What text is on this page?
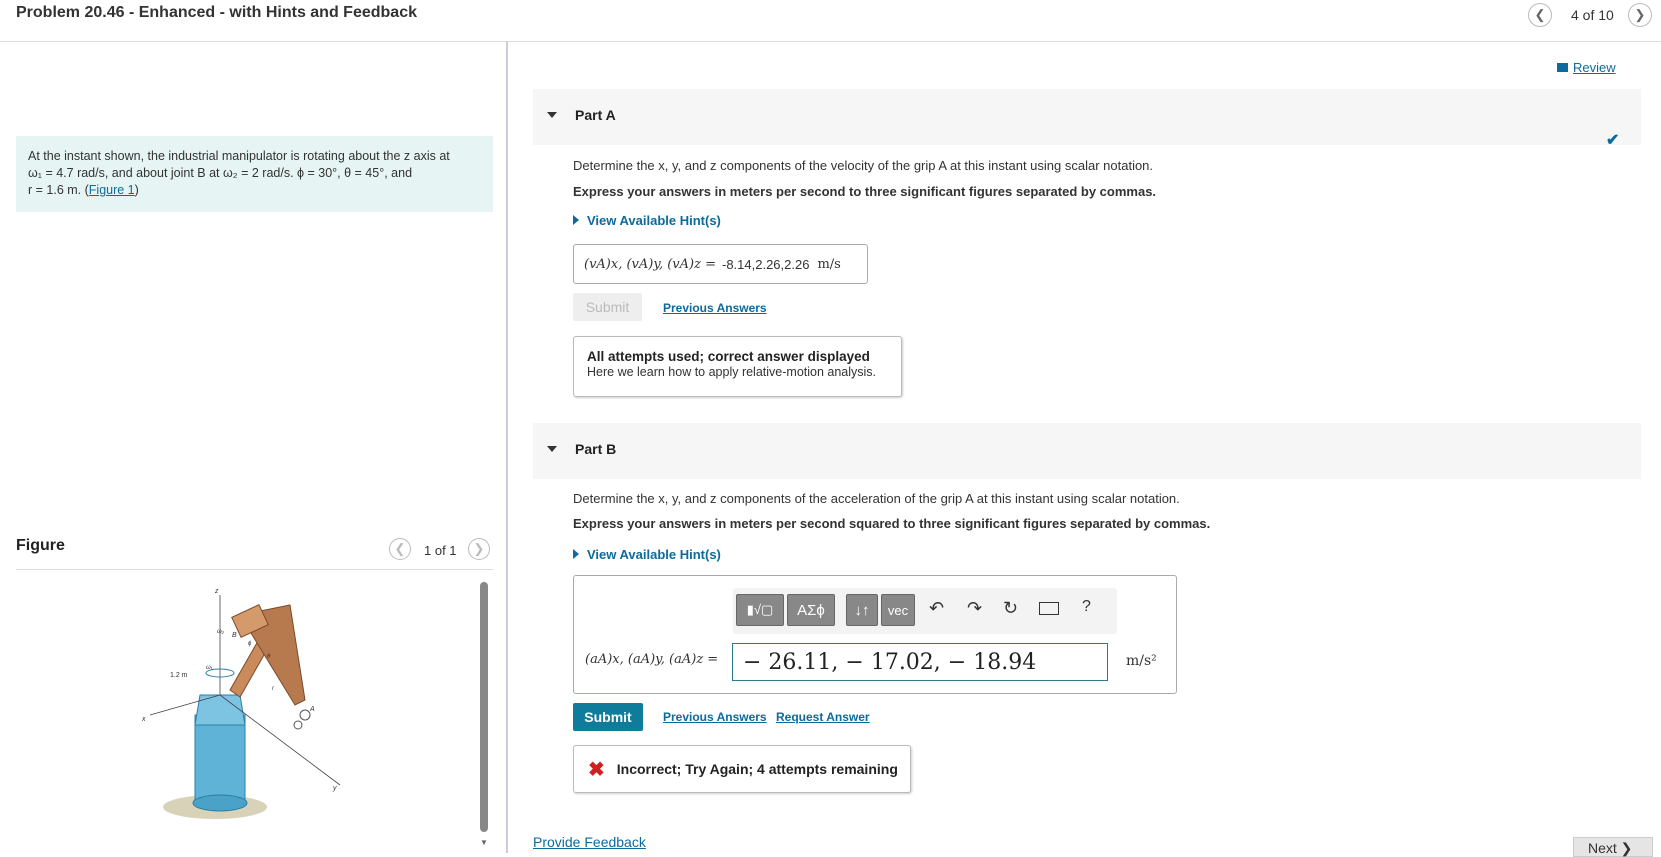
Problem 20.46 - Enhanced - with Hints and Feedback	❮	4 of 10	❯
At the instant shown, the industrial manipulator is rotating about the z axis at
ω₁ = 4.7 rad/s, and about joint B at ω₂ = 2 rad/s. ϕ = 30°, θ = 45°, and
r = 1.6 m. (Figure 1)
Figure	❮	1 of 1	❯
▼
z
x
y
B
A
ω₂
ω₁
1.2 m
θ
ϕ
r
Review
Part A
✔
Determine the x, y, and z components of the velocity of the grip A at this instant using scalar notation.
Express your answers in meters per second to three significant figures separated by commas.
View Available Hint(s)
(vA)x, (vA)y, (vA)z = -8.14,2.26,2.26 m/s
Submit	Previous Answers
All attempts used; correct answer displayed
Here we learn how to apply relative-motion analysis.
Part B
Determine the x, y, and z components of the acceleration of the grip A at this instant using scalar notation.
Express your answers in meters per second squared to three significant figures separated by commas.
View Available Hint(s)
▮√▢	ΑΣϕ	↓↑	vec	↶ ↷ ↻	?
(aA)x, (aA)y, (aA)z =	− 26.11, − 17.02, − 18.94	m/s²
Submit	Previous Answers Request Answer
✖ Incorrect; Try Again; 4 attempts remaining
Provide Feedback	Next ❯
